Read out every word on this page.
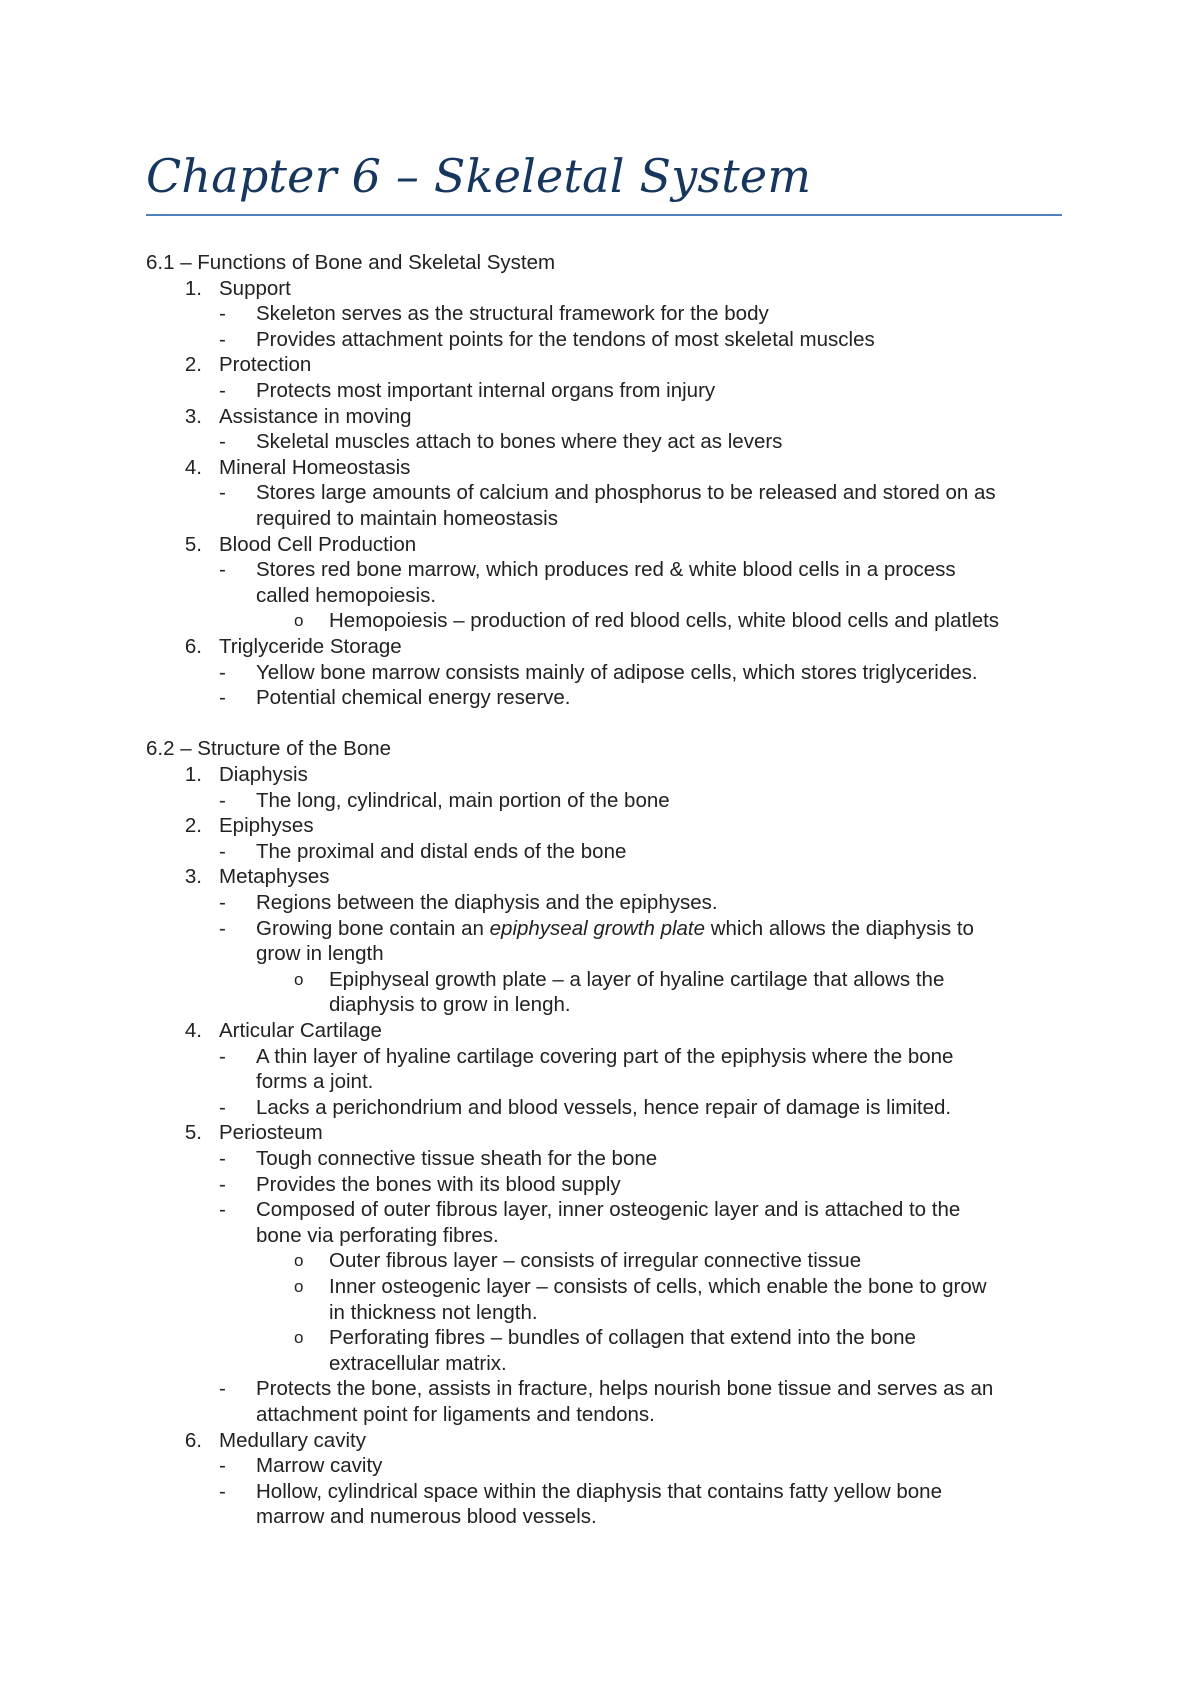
Chapter 6 – Skeletal System
6.1 – Functions of Bone and Skeletal System
1. Support
- Skeleton serves as the structural framework for the body
- Provides attachment points for the tendons of most skeletal muscles
2. Protection
- Protects most important internal organs from injury
3. Assistance in moving
- Skeletal muscles attach to bones where they act as levers
4. Mineral Homeostasis
- Stores large amounts of calcium and phosphorus to be released and stored on as
required to maintain homeostasis
5. Blood Cell Production
- Stores red bone marrow, which produces red & white blood cells in a process
called hemopoiesis.
o Hemopoiesis – production of red blood cells, white blood cells and platlets
6. Triglyceride Storage
- Yellow bone marrow consists mainly of adipose cells, which stores triglycerides.
- Potential chemical energy reserve.
6.2 – Structure of the Bone
1. Diaphysis
- The long, cylindrical, main portion of the bone
2. Epiphyses
- The proximal and distal ends of the bone
3. Metaphyses
- Regions between the diaphysis and the epiphyses.
- Growing bone contain an epiphyseal growth plate which allows the diaphysis to
grow in length
o Epiphyseal growth plate – a layer of hyaline cartilage that allows the
diaphysis to grow in lengh.
4. Articular Cartilage
- A thin layer of hyaline cartilage covering part of the epiphysis where the bone
forms a joint.
- Lacks a perichondrium and blood vessels, hence repair of damage is limited.
5. Periosteum
- Tough connective tissue sheath for the bone
- Provides the bones with its blood supply
- Composed of outer fibrous layer, inner osteogenic layer and is attached to the
bone via perforating fibres.
o Outer fibrous layer – consists of irregular connective tissue
o Inner osteogenic layer – consists of cells, which enable the bone to grow
in thickness not length.
o Perforating fibres – bundles of collagen that extend into the bone
extracellular matrix.
- Protects the bone, assists in fracture, helps nourish bone tissue and serves as an
attachment point for ligaments and tendons.
6. Medullary cavity
- Marrow cavity
- Hollow, cylindrical space within the diaphysis that contains fatty yellow bone
marrow and numerous blood vessels.
